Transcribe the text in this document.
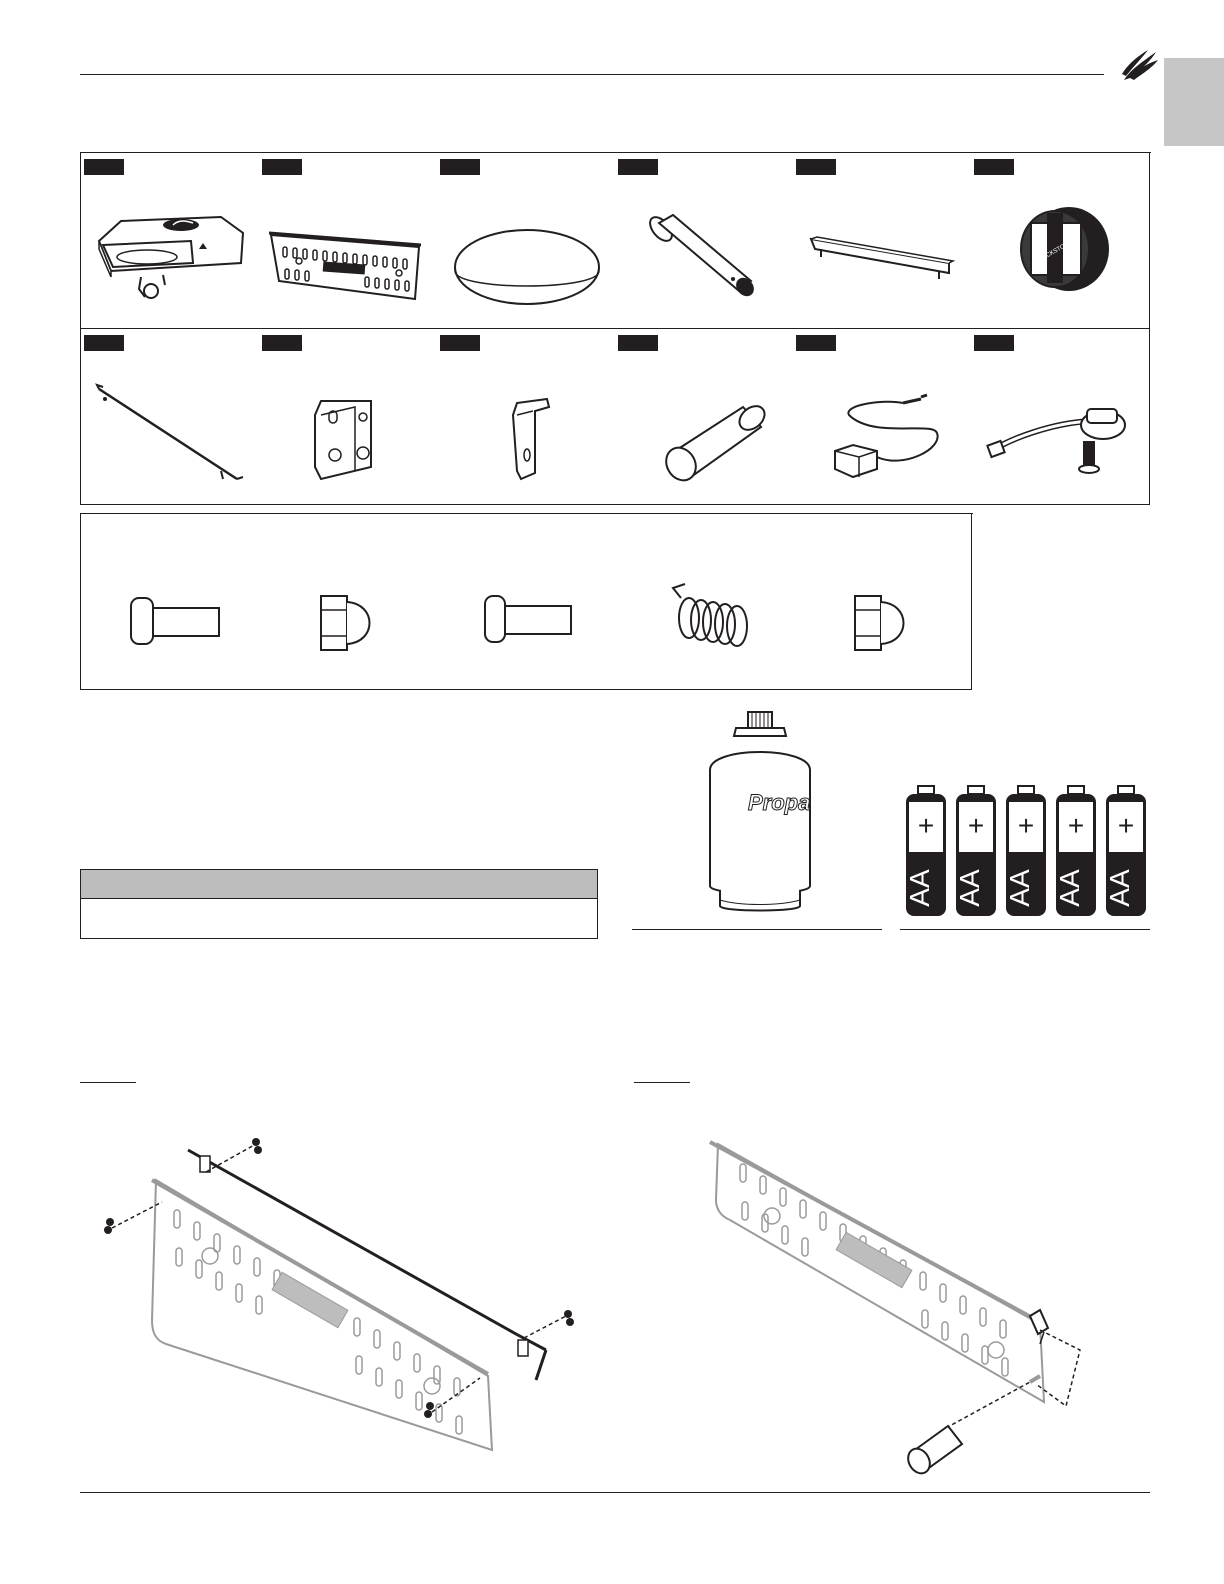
BLACKSTONE
Propa
+ + + + +
AA AA AA AA AA
